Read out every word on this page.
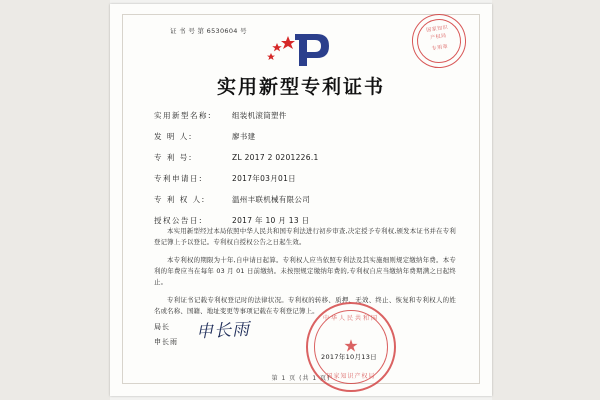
证 书 号 第 6530604 号	国家知识
产权局
专用章
实用新型专利证书
实用新型名称:	组装机滚筒塑件
发 明 人:	廖书建
专 利 号:	ZL 2017 2 0201226.1
专利申请日:	2017年03月01日
专 利 权 人:	温州丰联机械有限公司
授权公告日:	2017 年 10 月 13 日

本实用新型经过本局依照中华人民共和国专利法进行初步审查,决定授予专利权,颁发本证书并在专利登记簿上予以登记。专利权自授权公告之日起生效。

本专利权的期限为十年,自申请日起算。专利权人应当依照专利法及其实施细则规定缴纳年费。本专利的年费应当在每年 03 月 01 日前缴纳。未按照规定缴纳年费的,专利权自应当缴纳年费期满之日起终止。

专利证书记载专利权登记时的法律状况。专利权的转移、质押、无效、终止、恢复和专利权人的姓名或名称、国籍、地址变更等事项记载在专利登记簿上。

局长
申长雨 申长雨
中华人民共和国
★
国家知识产权局
2017年10月13日
第 1 页 (共 1 页)
